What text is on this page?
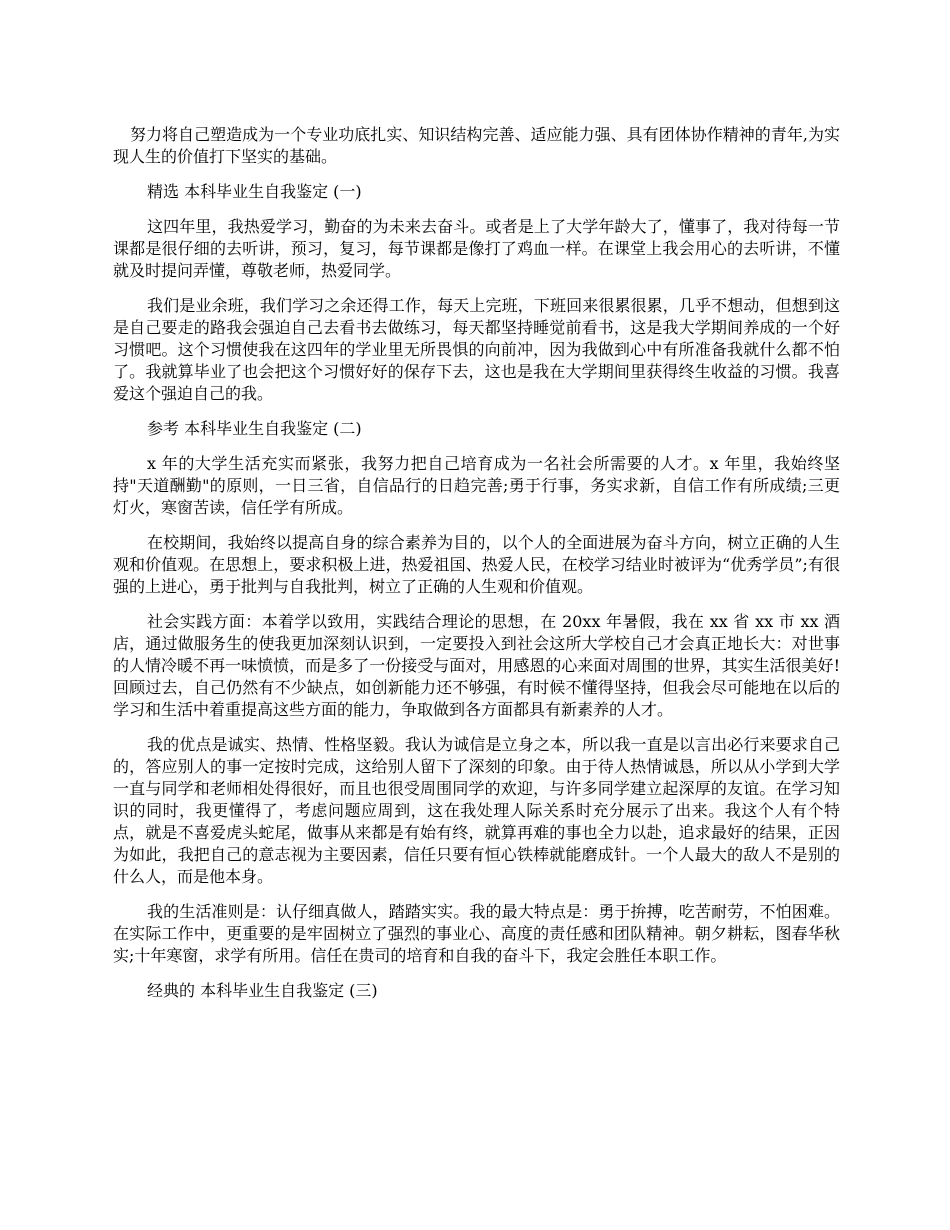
努力将自己塑造成为一个专业功底扎实、知识结构完善、适应能力强、具有团体协作精神的青年,为实现人生的价值打下坚实的基础。

精选 本科毕业生自我鉴定 (一)

这四年里，我热爱学习，勤奋的为未来去奋斗。或者是上了大学年龄大了，懂事了，我对待每一节课都是很仔细的去听讲，预习，复习，每节课都是像打了鸡血一样。在课堂上我会用心的去听讲，不懂就及时提问弄懂，尊敬老师，热爱同学。

我们是业余班，我们学习之余还得工作，每天上完班，下班回来很累很累，几乎不想动，但想到这是自己要走的路我会强迫自己去看书去做练习，每天都坚持睡觉前看书，这是我大学期间养成的一个好习惯吧。这个习惯使我在这四年的学业里无所畏惧的向前冲，因为我做到心中有所准备我就什么都不怕了。我就算毕业了也会把这个习惯好好的保存下去，这也是我在大学期间里获得终生收益的习惯。我喜爱这个强迫自己的我。

参考 本科毕业生自我鉴定 (二)

x 年的大学生活充实而紧张，我努力把自己培育成为一名社会所需要的人才。x 年里，我始终坚持"天道酬勤"的原则，一日三省，自信品行的日趋完善;勇于行事，务实求新，自信工作有所成绩;三更灯火，寒窗苦读，信任学有所成。

在校期间，我始终以提高自身的综合素养为目的，以个人的全面进展为奋斗方向，树立正确的人生观和价值观。在思想上，要求积极上进，热爱祖国、热爱人民，在校学习结业时被评为“优秀学员”;有很强的上进心，勇于批判与自我批判，树立了正确的人生观和价值观。

社会实践方面：本着学以致用，实践结合理论的思想，在 20xx 年暑假，我在 xx 省 xx 市 xx 酒店，通过做服务生的使我更加深刻认识到，一定要投入到社会这所大学校自己才会真正地长大：对世事的人情冷暖不再一味愤愤，而是多了一份接受与面对，用感恩的心来面对周围的世界，其实生活很美好!回顾过去，自己仍然有不少缺点，如创新能力还不够强，有时候不懂得坚持，但我会尽可能地在以后的学习和生活中着重提高这些方面的能力，争取做到各方面都具有新素养的人才。

我的优点是诚实、热情、性格坚毅。我认为诚信是立身之本，所以我一直是以言出必行来要求自己的，答应别人的事一定按时完成，这给别人留下了深刻的印象。由于待人热情诚恳，所以从小学到大学一直与同学和老师相处得很好，而且也很受周围同学的欢迎，与许多同学建立起深厚的友谊。在学习知识的同时，我更懂得了，考虑问题应周到，这在我处理人际关系时充分展示了出来。我这个人有个特点，就是不喜爱虎头蛇尾，做事从来都是有始有终，就算再难的事也全力以赴，追求最好的结果，正因为如此，我把自己的意志视为主要因素，信任只要有恒心铁棒就能磨成针。一个人最大的敌人不是别的什么人，而是他本身。

我的生活准则是：认仔细真做人，踏踏实实。我的最大特点是：勇于拚搏，吃苦耐劳，不怕困难。在实际工作中，更重要的是牢固树立了强烈的事业心、高度的责任感和团队精神。朝夕耕耘，图春华秋实;十年寒窗，求学有所用。信任在贵司的培育和自我的奋斗下，我定会胜任本职工作。

经典的 本科毕业生自我鉴定 (三)
